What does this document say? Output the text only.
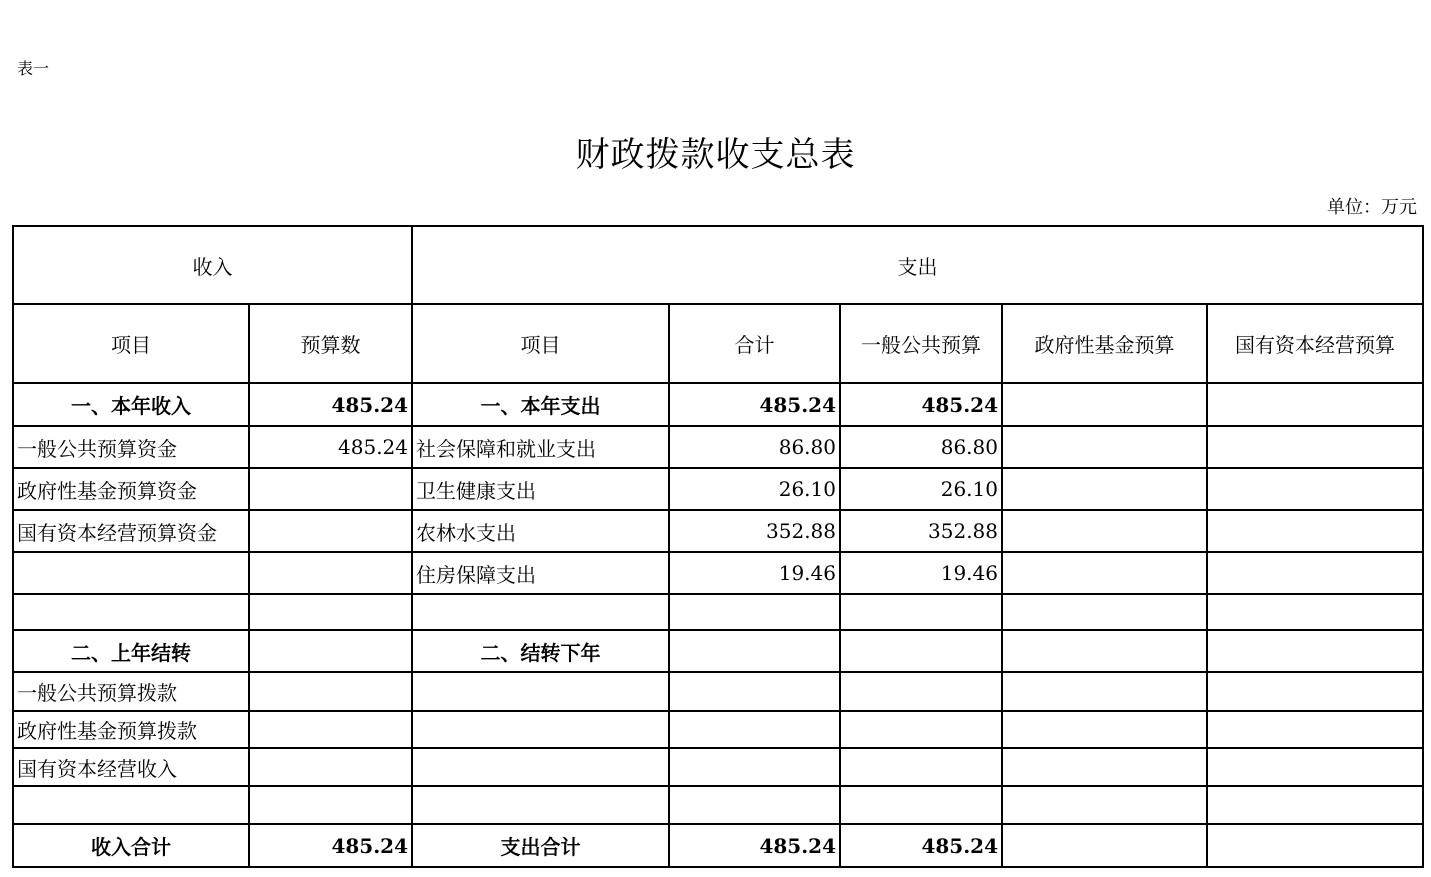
表一
财政拨款收支总表
单位：万元
收入		支出				
项目	预算数	项目	合计	一般公共预算	政府性基金预算	国有资本经营预算
一、本年收入	485.24	一、本年支出	485.24	485.24		
一般公共预算资金	485.24	社会保障和就业支出	86.80	86.80		
政府性基金预算资金		卫生健康支出	26.10	26.10		
国有资本经营预算资金		农林水支出	352.88	352.88		
		住房保障支出	19.46	19.46		

二、上年结转		二、结转下年				
一般公共预算拨款						
政府性基金预算拨款						
国有资本经营收入						

收入合计	485.24	支出合计	485.24	485.24		
